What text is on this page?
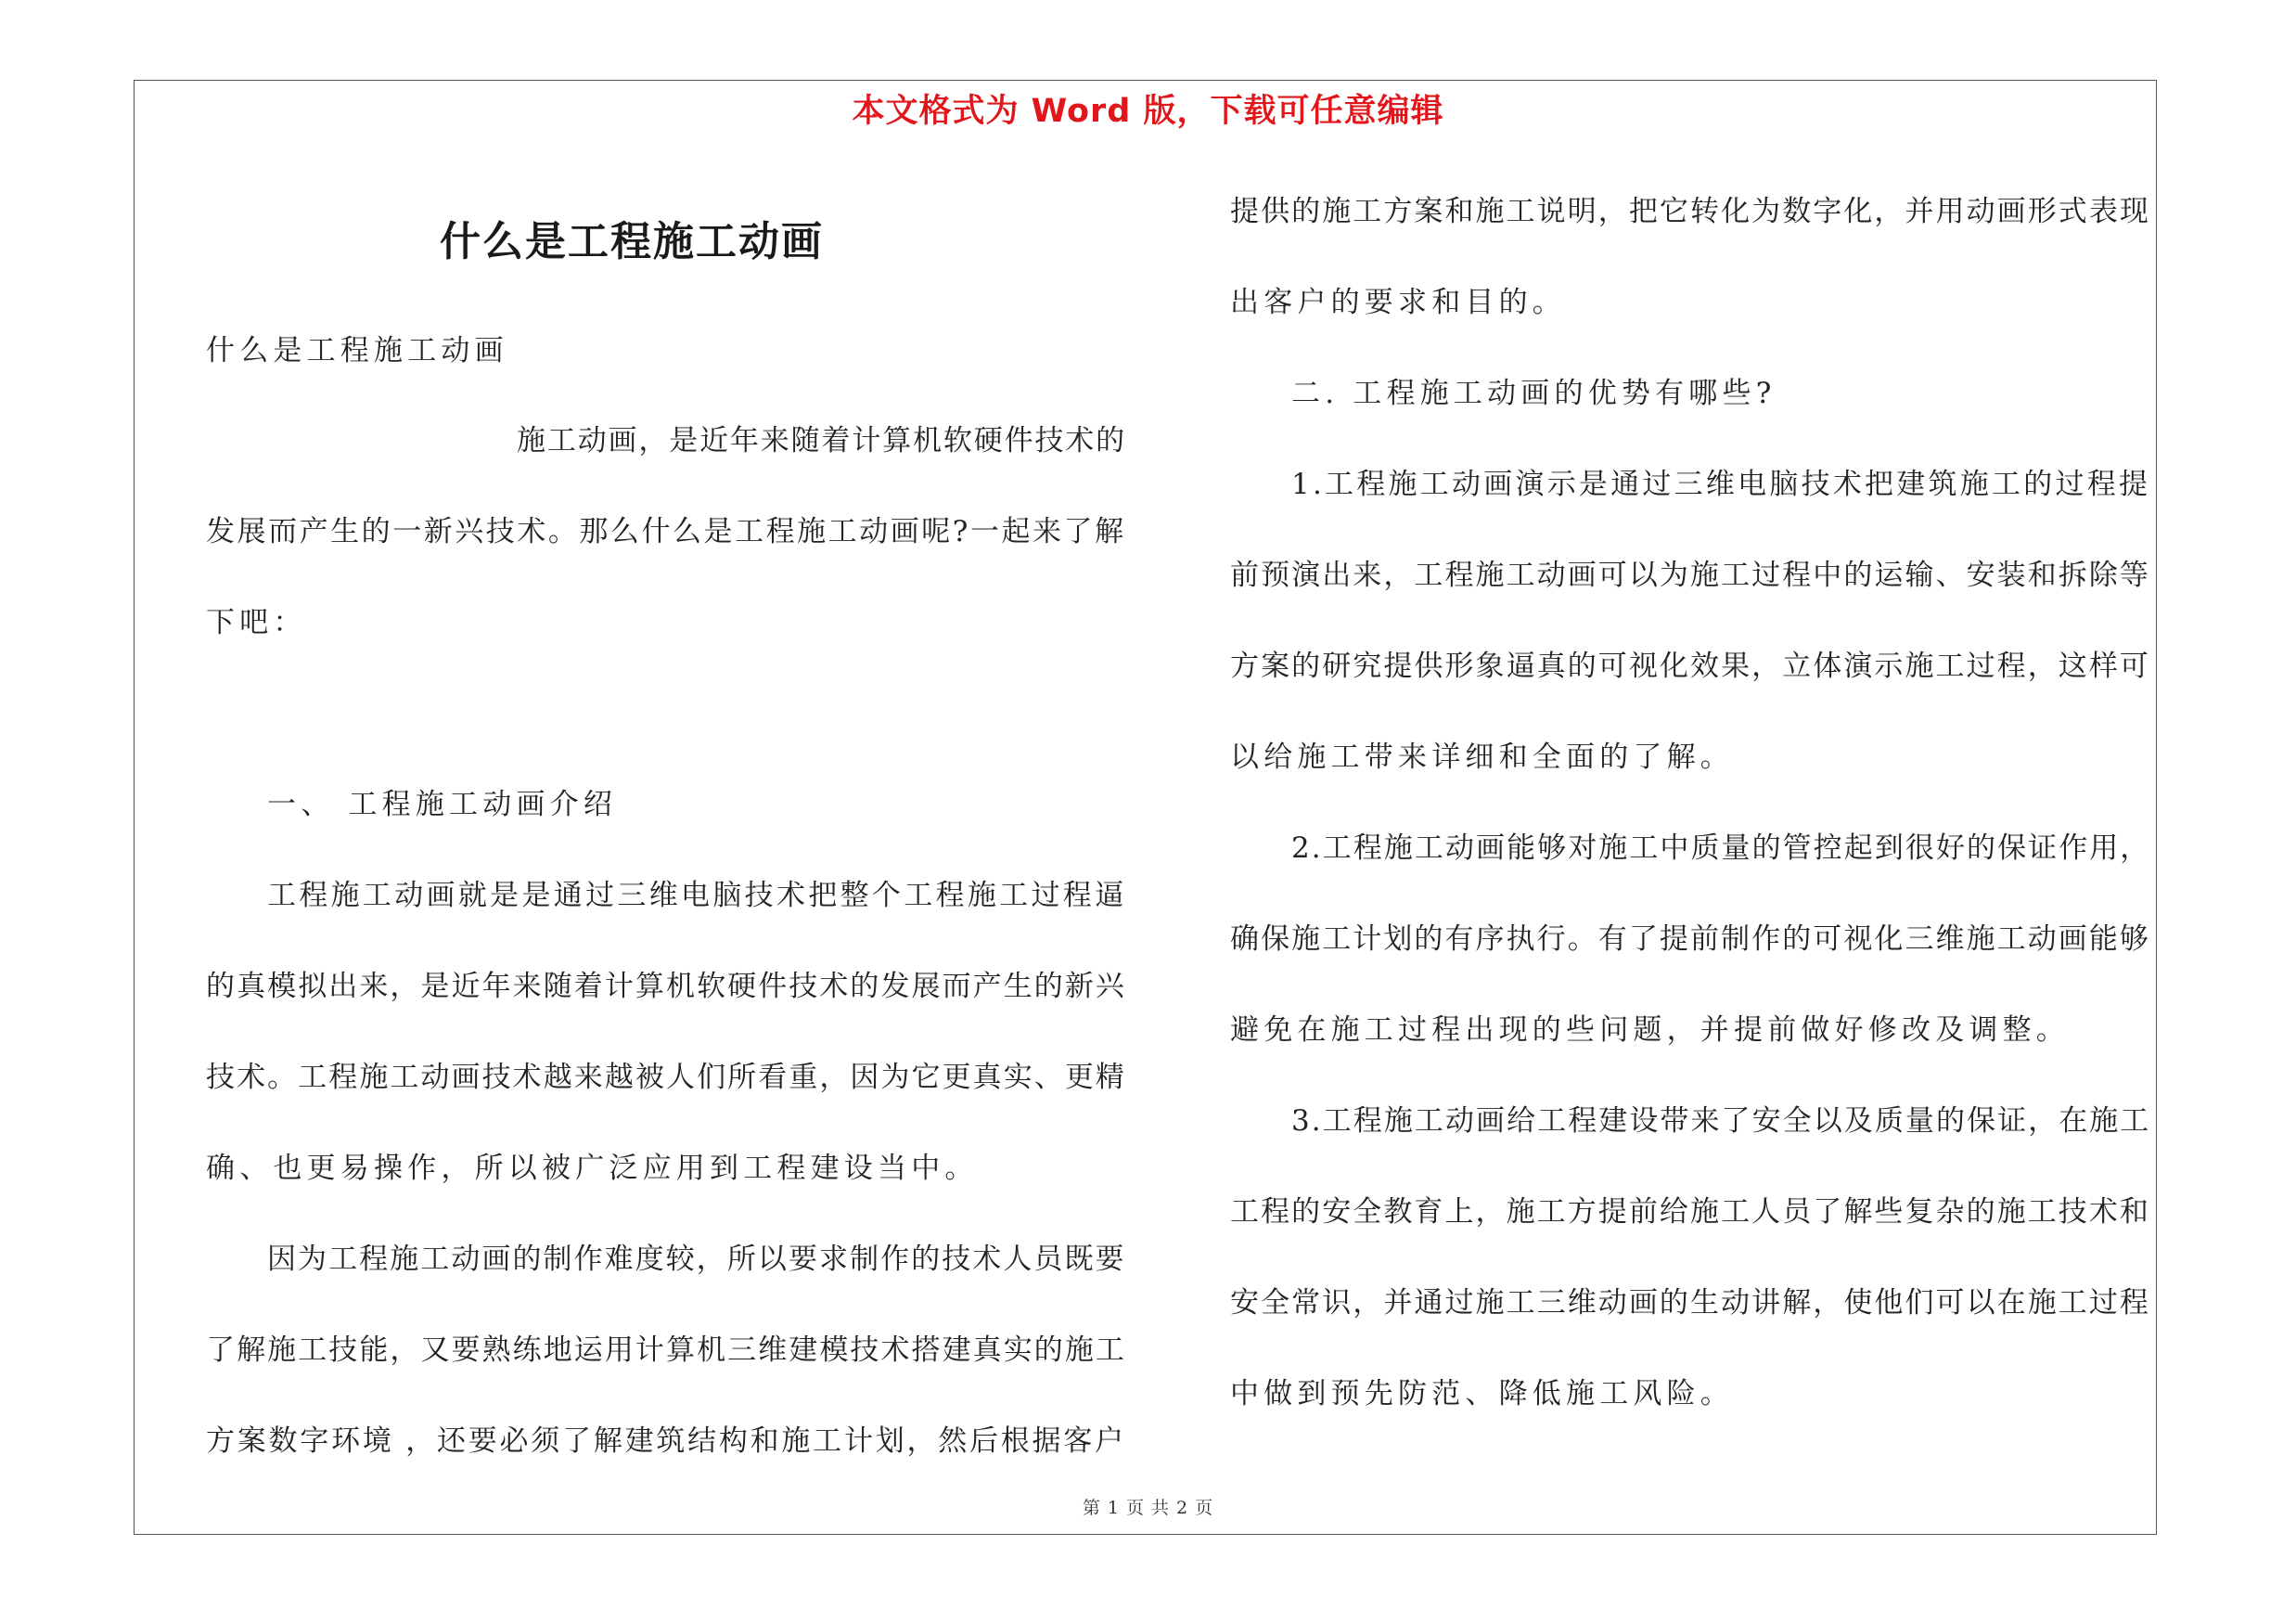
本文格式为 Word 版，下载可任意编辑
什么是工程施工动画
什么是工程施工动画
施工动画，是近年来随着计算机软硬件技术的
发展而产生的一新兴技术。那么什么是工程施工动画呢?一起来了解
下吧：
一、 工程施工动画介绍
工程施工动画就是是通过三维电脑技术把整个工程施工过程逼
的真模拟出来，是近年来随着计算机软硬件技术的发展而产生的新兴
技术。工程施工动画技术越来越被人们所看重，因为它更真实、更精
确、也更易操作，所以被广泛应用到工程建设当中。
因为工程施工动画的制作难度较，所以要求制作的技术人员既要
了解施工技能，又要熟练地运用计算机三维建模技术搭建真实的施工
方案数字环境 ，还要必须了解建筑结构和施工计划，然后根据客户
提供的施工方案和施工说明，把它转化为数字化，并用动画形式表现
出客户的要求和目的。
二. 工程施工动画的优势有哪些?
1.工程施工动画演示是通过三维电脑技术把建筑施工的过程提
前预演出来，工程施工动画可以为施工过程中的运输、安装和拆除等
方案的研究提供形象逼真的可视化效果，立体演示施工过程，这样可
以给施工带来详细和全面的了解。
2.工程施工动画能够对施工中质量的管控起到很好的保证作用，
确保施工计划的有序执行。有了提前制作的可视化三维施工动画能够
避免在施工过程出现的些问题，并提前做好修改及调整。
3.工程施工动画给工程建设带来了安全以及质量的保证，在施工
工程的安全教育上，施工方提前给施工人员了解些复杂的施工技术和
安全常识，并通过施工三维动画的生动讲解，使他们可以在施工过程
中做到预先防范、降低施工风险。
第 1 页 共 2 页
